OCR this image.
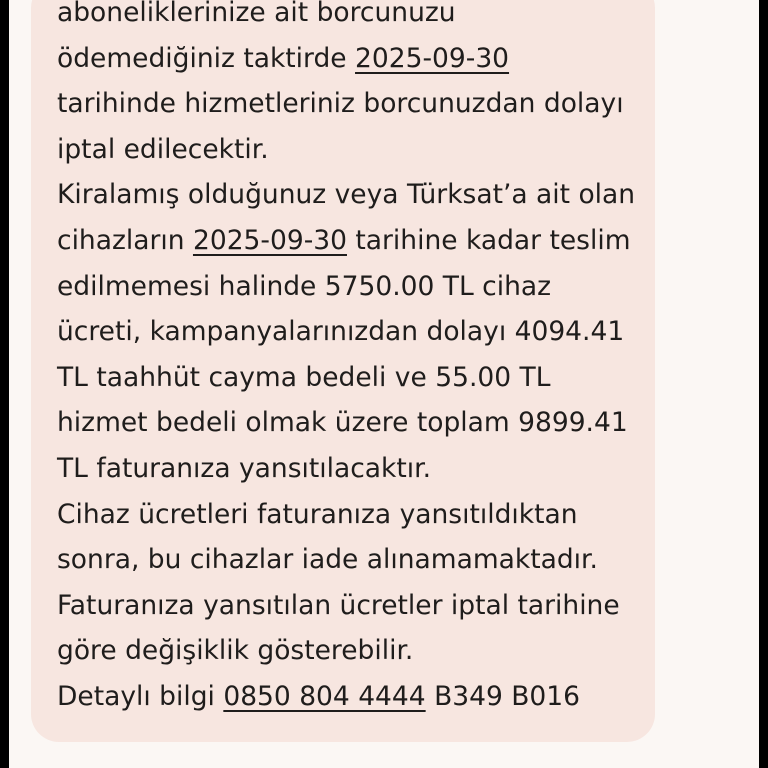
aboneliklerinize ait borcunuzu
ödemediğiniz taktirde 2025-09-30
tarihinde hizmetleriniz borcunuzdan dolayı
iptal edilecektir.
Kiralamış olduğunuz veya Türksat’a ait olan
cihazların 2025-09-30 tarihine kadar teslim
edilmemesi halinde 5750.00 TL cihaz
ücreti, kampanyalarınızdan dolayı 4094.41
TL taahhüt cayma bedeli ve 55.00 TL
hizmet bedeli olmak üzere toplam 9899.41
TL faturanıza yansıtılacaktır.
Cihaz ücretleri faturanıza yansıtıldıktan
sonra, bu cihazlar iade alınamamaktadır.
Faturanıza yansıtılan ücretler iptal tarihine
göre değişiklik gösterebilir.
Detaylı bilgi 0850 804 4444 B349 B016
